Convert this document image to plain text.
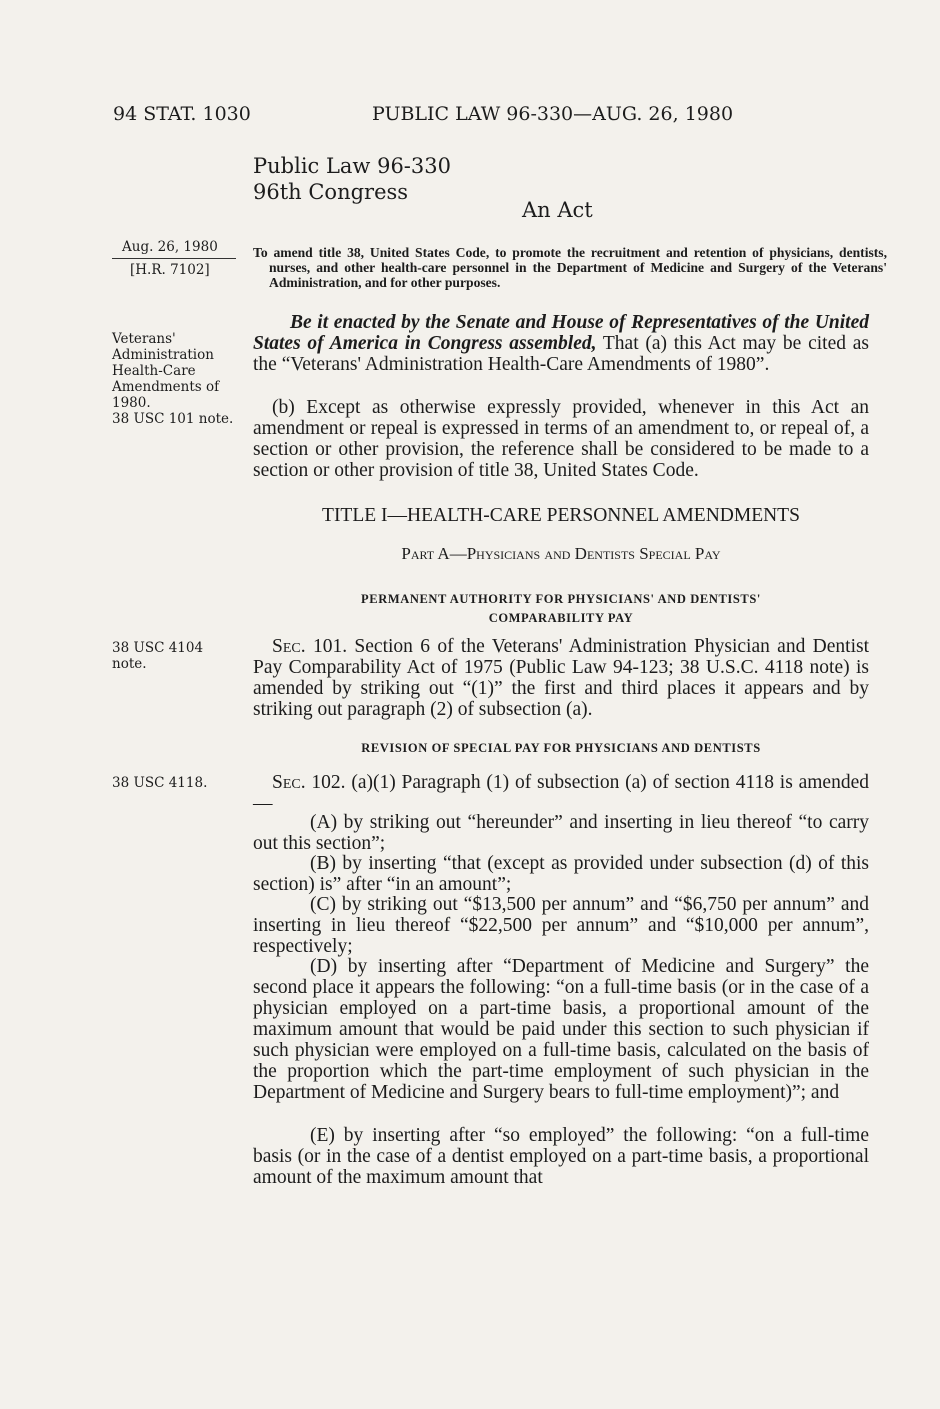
94 STAT. 1030	PUBLIC LAW 96-330—AUG. 26, 1980
Public Law 96-330
96th Congress
An Act
Aug. 26, 1980
[H.R. 7102]
To amend title 38, United States Code, to promote the recruitment and retention of physicians, dentists, nurses, and other health-care personnel in the Department of Medicine and Surgery of the Veterans' Administration, and for other purposes.
Veterans'
Administration
Health-Care
Amendments of
1980.
38 USC 101 note.
Be it enacted by the Senate and House of Representatives of the United States of America in Congress assembled, That (a) this Act may be cited as the “Veterans' Administration Health-Care Amendments of 1980”.
(b) Except as otherwise expressly provided, whenever in this Act an amendment or repeal is expressed in terms of an amendment to, or repeal of, a section or other provision, the reference shall be considered to be made to a section or other provision of title 38, United States Code.
TITLE I—HEALTH-CARE PERSONNEL AMENDMENTS
Part A—Physicians and Dentists Special Pay
PERMANENT AUTHORITY FOR PHYSICIANS' AND DENTISTS'
COMPARABILITY PAY
38 USC 4104
note.
Sec. 101. Section 6 of the Veterans' Administration Physician and Dentist Pay Comparability Act of 1975 (Public Law 94-123; 38 U.S.C. 4118 note) is amended by striking out “(1)” the first and third places it appears and by striking out paragraph (2) of subsection (a).
REVISION OF SPECIAL PAY FOR PHYSICIANS AND DENTISTS
38 USC 4118.	Sec. 102. (a)(1) Paragraph (1) of subsection (a) of section 4118 is amended—
(A) by striking out “hereunder” and inserting in lieu thereof “to carry out this section”;
(B) by inserting “that (except as provided under subsection (d) of this section) is” after “in an amount”;
(C) by striking out “$13,500 per annum” and “$6,750 per annum” and inserting in lieu thereof “$22,500 per annum” and “$10,000 per annum”, respectively;
(D) by inserting after “Department of Medicine and Surgery” the second place it appears the following: “on a full-time basis (or in the case of a physician employed on a part-time basis, a proportional amount of the maximum amount that would be paid under this section to such physician if such physician were employed on a full-time basis, calculated on the basis of the proportion which the part-time employment of such physician in the Department of Medicine and Surgery bears to full-time employment)”; and
(E) by inserting after “so employed” the following: “on a full-time basis (or in the case of a dentist employed on a part-time basis, a proportional amount of the maximum amount that
